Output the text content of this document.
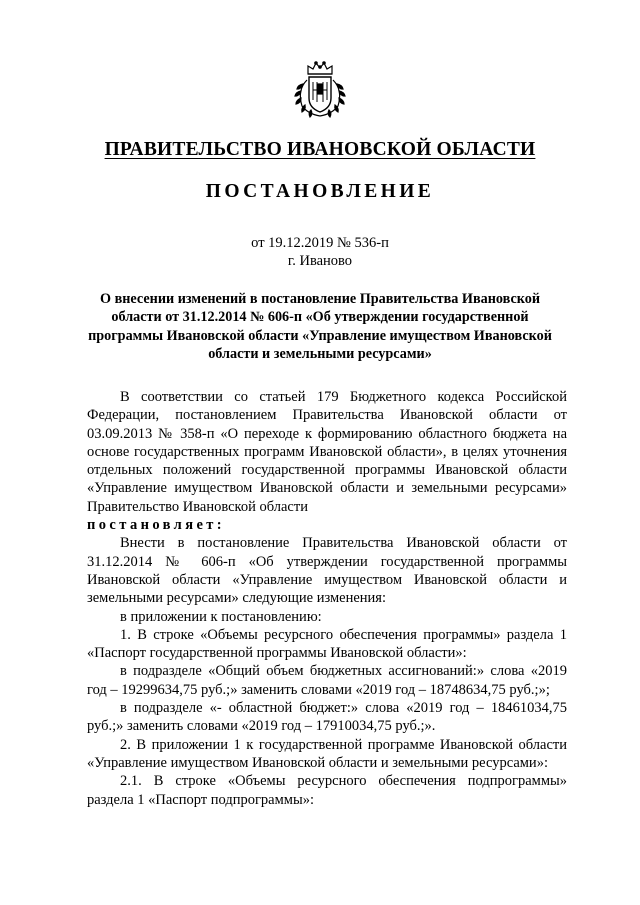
ПРАВИТЕЛЬСТВО ИВАНОВСКОЙ ОБЛАСТИ
ПОСТАНОВЛЕНИЕ
от 19.12.2019 № 536-п
г. Иваново
О внесении изменений в постановление Правительства Ивановской области от 31.12.2014 № 606-п «Об утверждении государственной программы Ивановской области «Управление имуществом Ивановской области и земельными ресурсами»

В соответствии со статьей 179 Бюджетного кодекса Российской Федерации, постановлением Правительства Ивановской области от 03.09.2013 № 358-п «О переходе к формированию областного бюджета на основе государственных программ Ивановской области», в целях уточнения отдельных положений государственной программы Ивановской области «Управление имуществом Ивановской области и земельными ресурсами» Правительство Ивановской области

постановляет:

Внести в постановление Правительства Ивановской области от 31.12.2014 № 606-п «Об утверждении государственной программы Ивановской области «Управление имуществом Ивановской области и земельными ресурсами» следующие изменения:

в приложении к постановлению:

1. В строке «Объемы ресурсного обеспечения программы» раздела 1 «Паспорт государственной программы Ивановской области»:

в подразделе «Общий объем бюджетных ассигнований:» слова «2019 год – 19299634,75 руб.;» заменить словами «2019 год – 18748634,75 руб.;»;

в подразделе «- областной бюджет:» слова «2019 год – 18461034,75 руб.;» заменить словами «2019 год – 17910034,75 руб.;».

2. В приложении 1 к государственной программе Ивановской области «Управление имуществом Ивановской области и земельными ресурсами»:

2.1. В строке «Объемы ресурсного обеспечения подпрограммы» раздела 1 «Паспорт подпрограммы»:
